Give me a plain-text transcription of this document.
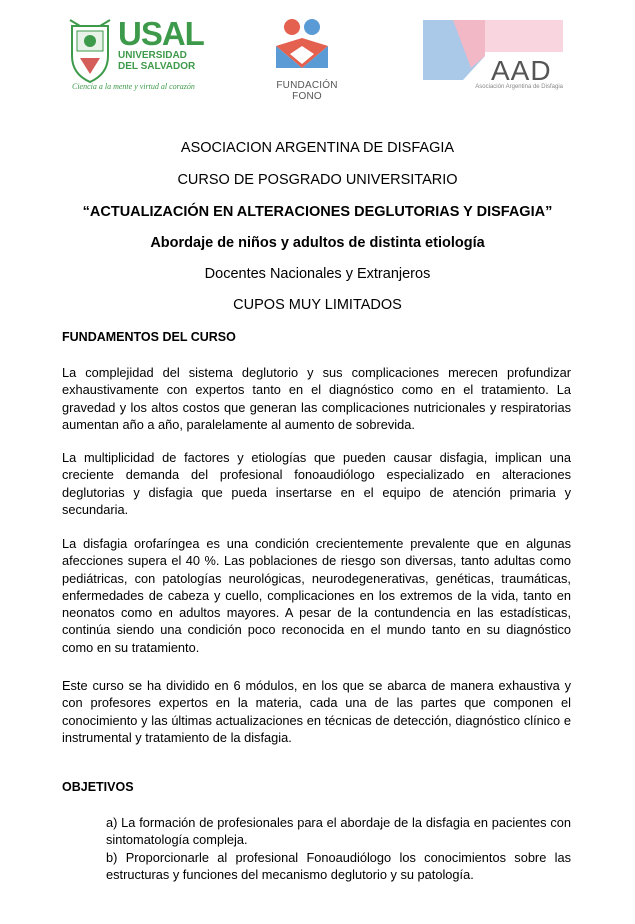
USAL
UNIVERSIDAD
DEL SALVADOR
Ciencia a la mente y virtud al corazón	FUNDACIÓN FONO
AAD
Asociación Argentina de Disfagia
ASOCIACION ARGENTINA DE DISFAGIA
CURSO DE POSGRADO UNIVERSITARIO
“ACTUALIZACIÓN EN ALTERACIONES DEGLUTORIAS Y DISFAGIA”
Abordaje de niños y adultos de distinta etiología
Docentes Nacionales y Extranjeros
CUPOS MUY LIMITADOS
FUNDAMENTOS DEL CURSO
La complejidad del sistema deglutorio y sus complicaciones merecen profundizar exhaustivamente con expertos tanto en el diagnóstico como en el tratamiento. La gravedad y los altos costos que generan las complicaciones nutricionales y respiratorias aumentan año a año, paralelamente al aumento de sobrevida.
La multiplicidad de factores y etiologías que pueden causar disfagia, implican una creciente demanda del profesional fonoaudiólogo especializado en alteraciones deglutorias y disfagia que pueda insertarse en el equipo de atención primaria y secundaria.
La disfagia orofaríngea es una condición crecientemente prevalente que en algunas afecciones supera el 40 %. Las poblaciones de riesgo son diversas, tanto adultas como pediátricas, con patologías neurológicas, neurodegenerativas, genéticas, traumáticas, enfermedades de cabeza y cuello, complicaciones en los extremos de la vida, tanto en neonatos como en adultos mayores. A pesar de la contundencia en las estadísticas, continúa siendo una condición poco reconocida en el mundo tanto en su diagnóstico como en su tratamiento.
Este curso se ha dividido en 6 módulos, en los que se abarca de manera exhaustiva y con profesores expertos en la materia, cada una de las partes que componen el conocimiento y las últimas actualizaciones en técnicas de detección, diagnóstico clínico e instrumental y tratamiento de la disfagia.
OBJETIVOS

a) La formación de profesionales para el abordaje de la disfagia en pacientes con sintomatología compleja.

b) Proporcionarle al profesional Fonoaudiólogo los conocimientos sobre las estructuras y funciones del mecanismo deglutorio y su patología.
